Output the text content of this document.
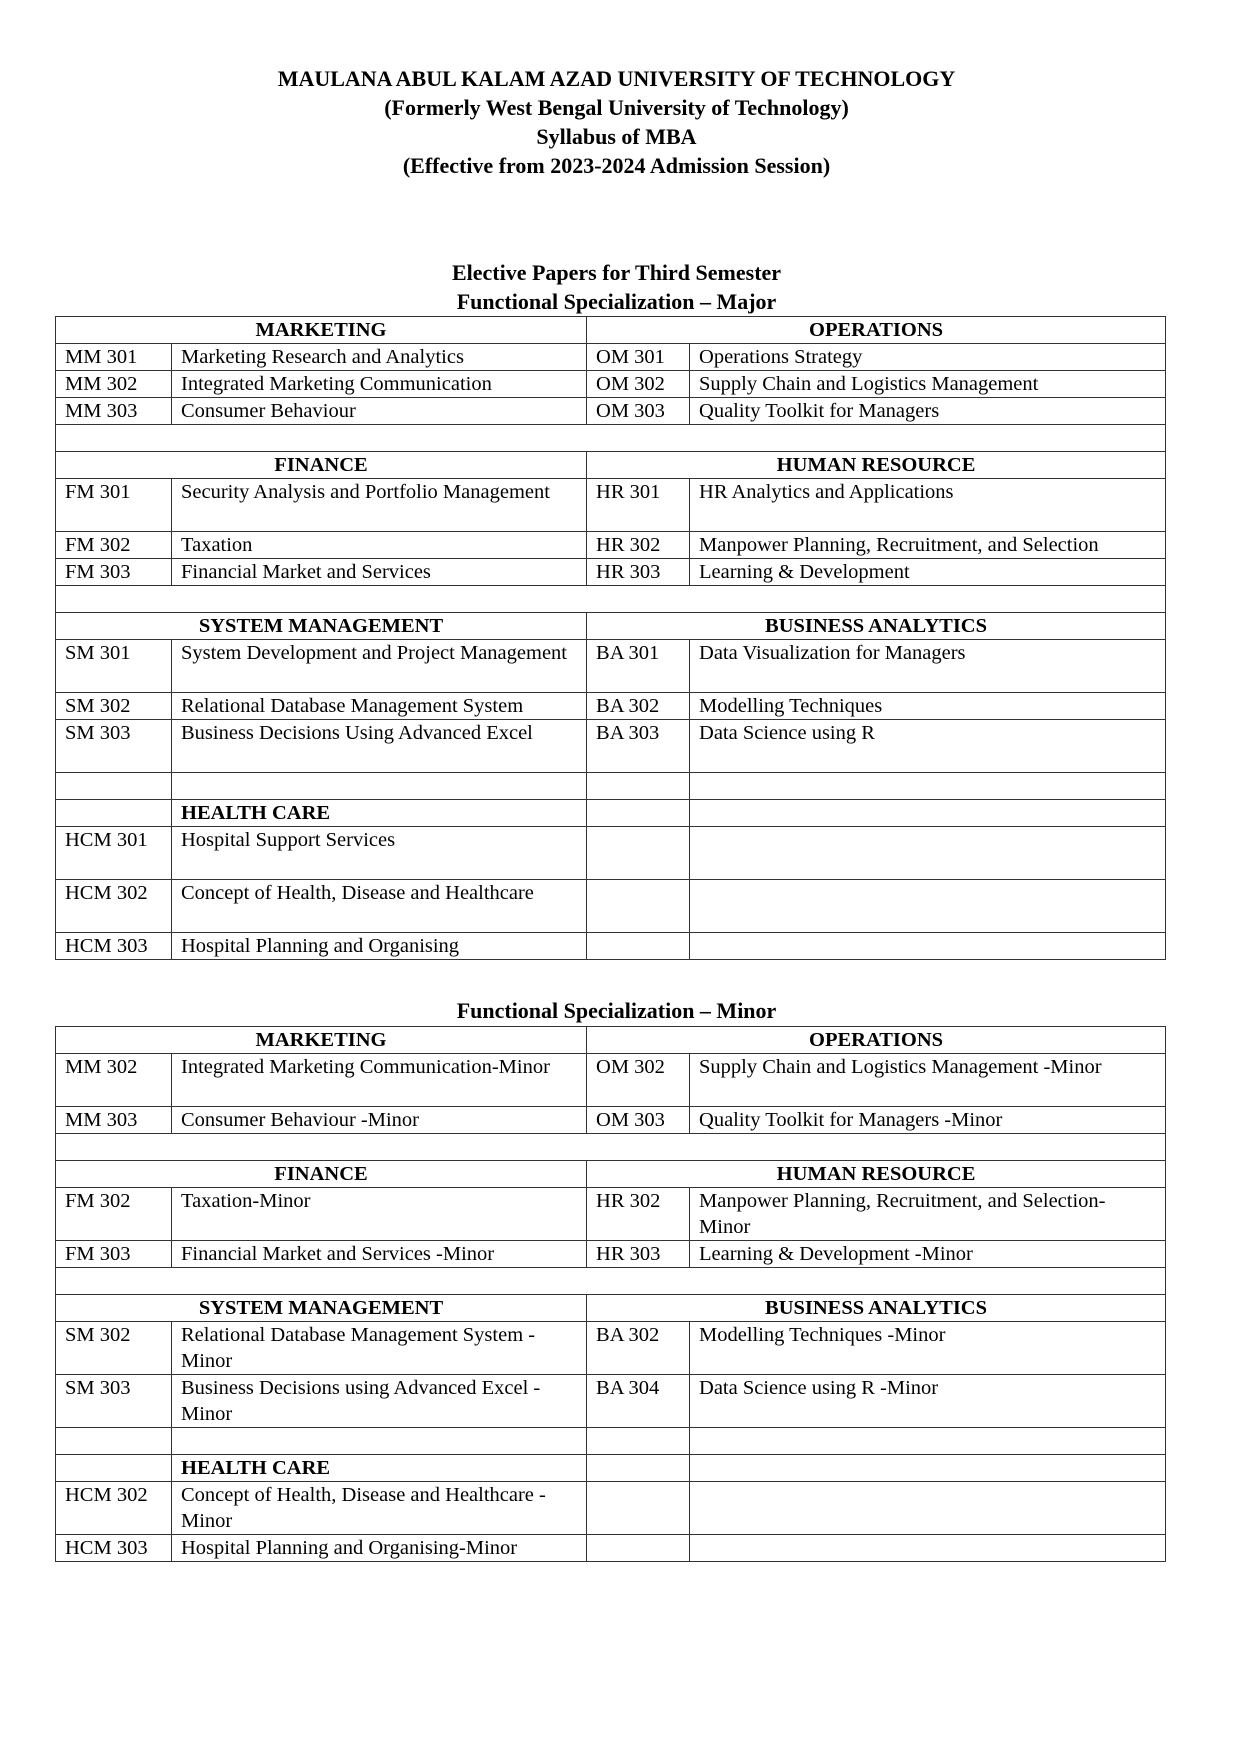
MAULANA ABUL KALAM AZAD UNIVERSITY OF TECHNOLOGY
(Formerly West Bengal University of Technology)
Syllabus of MBA
(Effective from 2023-2024 Admission Session)
Elective Papers for Third Semester
Functional Specialization – Major
MARKETING		OPERATIONS	
MM 301	Marketing Research and Analytics	OM 301	Operations Strategy
MM 302	Integrated Marketing Communication	OM 302	Supply Chain and Logistics Management
MM 303	Consumer Behaviour	OM 303	Quality Toolkit for Managers

FINANCE		HUMAN RESOURCE	
FM 301	Security Analysis and Portfolio Management	HR 301	HR Analytics and Applications
FM 302	Taxation	HR 302	Manpower Planning, Recruitment, and Selection
FM 303	Financial Market and Services	HR 303	Learning & Development

SYSTEM MANAGEMENT		BUSINESS ANALYTICS	
SM 301	System Development and Project Management	BA 301	Data Visualization for Managers
SM 302	Relational Database Management System	BA 302	Modelling Techniques
SM 303	Business Decisions Using Advanced Excel	BA 303	Data Science using R

	HEALTH CARE		
HCM 301	Hospital Support Services		
HCM 302	Concept of Health, Disease and Healthcare		
HCM 303	Hospital Planning and Organising		
Functional Specialization – Minor
MARKETING		OPERATIONS	
MM 302	Integrated Marketing Communication-Minor	OM 302	Supply Chain and Logistics Management -Minor
MM 303	Consumer Behaviour -Minor	OM 303	Quality Toolkit for Managers -Minor

FINANCE		HUMAN RESOURCE	
FM 302	Taxation-Minor	HR 302	Manpower Planning, Recruitment, and Selection-Minor
FM 303	Financial Market and Services -Minor	HR 303	Learning & Development -Minor

SYSTEM MANAGEMENT		BUSINESS ANALYTICS	
SM 302	Relational Database Management System -Minor	BA 302	Modelling Techniques -Minor
SM 303	Business Decisions using Advanced Excel -Minor	BA 304	Data Science using R -Minor

	HEALTH CARE		
HCM 302	Concept of Health, Disease and Healthcare -Minor		
HCM 303	Hospital Planning and Organising-Minor		
